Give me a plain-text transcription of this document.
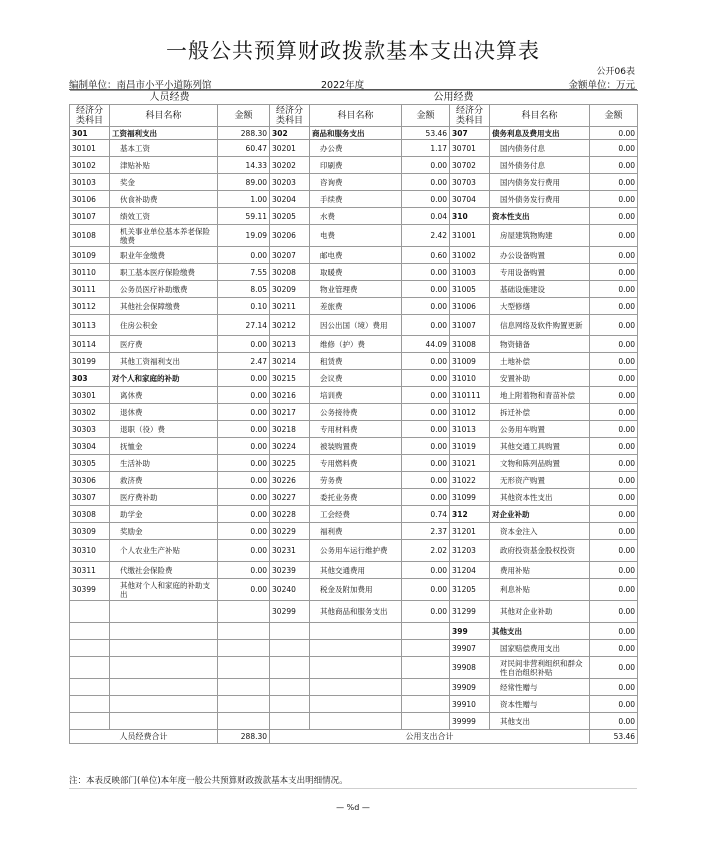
一般公共预算财政拨款基本支出决算表
公开06表
编制单位：南昌市小平小道陈列馆	2022年度	金额单位：万元
人员经费			公用经费					
经济分类科目	科目名称	金额	经济分类科目	科目名称	金额	经济分类科目	科目名称	金额
301	工资福利支出	288.30	302	商品和服务支出	53.46	307	债务利息及费用支出	0.00
30101	基本工资	60.47	30201	办公费	1.17	30701	国内债务付息	0.00
30102	津贴补贴	14.33	30202	印刷费	0.00	30702	国外债务付息	0.00
30103	奖金	89.00	30203	咨询费	0.00	30703	国内债务发行费用	0.00
30106	伙食补助费	1.00	30204	手续费	0.00	30704	国外债务发行费用	0.00
30107	绩效工资	59.11	30205	水费	0.04	310	资本性支出	0.00
30108	机关事业单位基本养老保险缴费	19.09	30206	电费	2.42	31001	房屋建筑物购建	0.00
30109	职业年金缴费	0.00	30207	邮电费	0.60	31002	办公设备购置	0.00
30110	职工基本医疗保险缴费	7.55	30208	取暖费	0.00	31003	专用设备购置	0.00
30111	公务员医疗补助缴费	8.05	30209	物业管理费	0.00	31005	基础设施建设	0.00
30112	其他社会保障缴费	0.10	30211	差旅费	0.00	31006	大型修缮	0.00
30113	住房公积金	27.14	30212	因公出国（境）费用	0.00	31007	信息网络及软件购置更新	0.00
30114	医疗费	0.00	30213	维修（护）费	44.09	31008	物资储备	0.00
30199	其他工资福利支出	2.47	30214	租赁费	0.00	31009	土地补偿	0.00
303	对个人和家庭的补助	0.00	30215	会议费	0.00	31010	安置补助	0.00
30301	离休费	0.00	30216	培训费	0.00	310111	地上附着物和青苗补偿	0.00
30302	退休费	0.00	30217	公务接待费	0.00	31012	拆迁补偿	0.00
30303	退职（役）费	0.00	30218	专用材料费	0.00	31013	公务用车购置	0.00
30304	抚恤金	0.00	30224	被装购置费	0.00	31019	其他交通工具购置	0.00
30305	生活补助	0.00	30225	专用燃料费	0.00	31021	文物和陈列品购置	0.00
30306	救济费	0.00	30226	劳务费	0.00	31022	无形资产购置	0.00
30307	医疗费补助	0.00	30227	委托业务费	0.00	31099	其他资本性支出	0.00
30308	助学金	0.00	30228	工会经费	0.74	312	对企业补助	0.00
30309	奖励金	0.00	30229	福利费	2.37	31201	资本金注入	0.00
30310	个人农业生产补贴	0.00	30231	公务用车运行维护费	2.02	31203	政府投资基金股权投资	0.00
30311	代缴社会保险费	0.00	30239	其他交通费用	0.00	31204	费用补贴	0.00
30399	其他对个人和家庭的补助支出	0.00	30240	税金及附加费用	0.00	31205	利息补贴	0.00
			30299	其他商品和服务支出	0.00	31299	其他对企业补助	0.00
						399	其他支出	0.00
						39907	国家赔偿费用支出	0.00
						39908	对民间非营利组织和群众性自治组织补贴	0.00
						39909	经常性赠与	0.00
						39910	资本性赠与	0.00
						39999	其他支出	0.00
人员经费合计		288.30	公用支出合计					53.46
注：本表反映部门(单位)本年度一般公共预算财政拨款基本支出明细情况。
— %d —
